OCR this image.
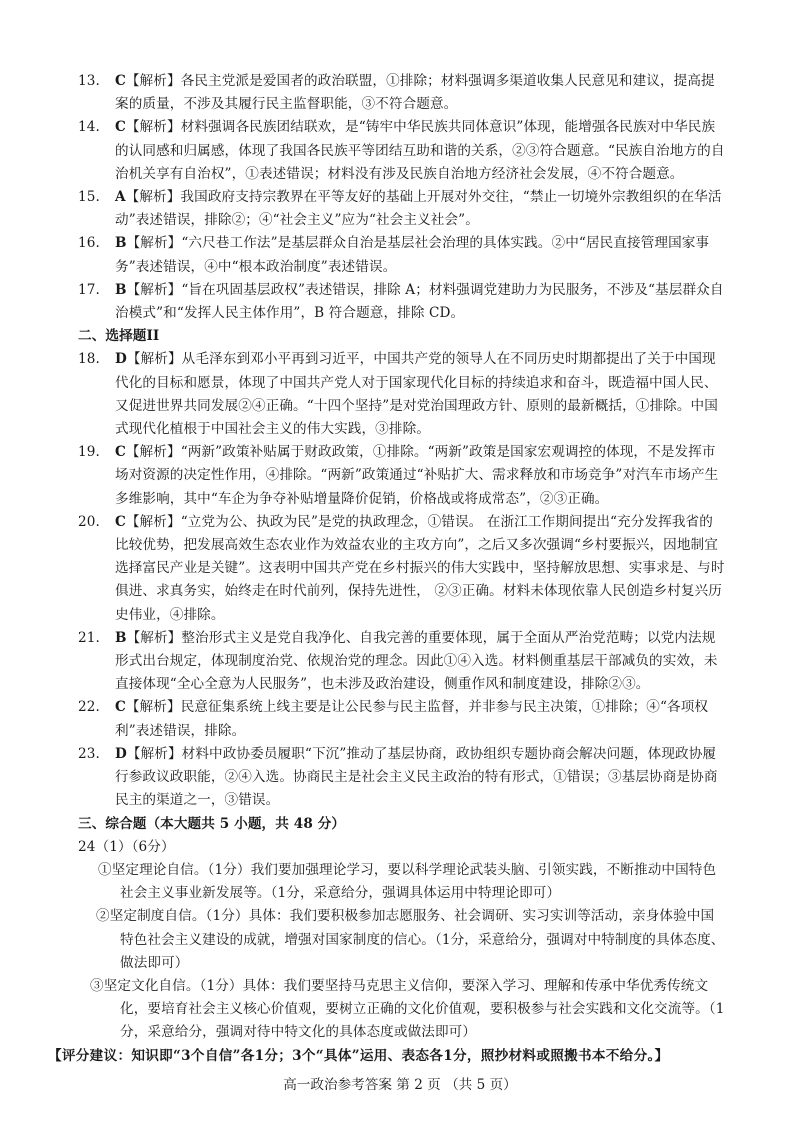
13. C【解析】各民主党派是爱国者的政治联盟，①排除；材料强调多渠道收集人民意见和建议，提高提案的质量，不涉及其履行民主监督职能，③不符合题意。

14. C【解析】材料强调各民族团结联欢，是“铸牢中华民族共同体意识”体现，能增强各民族对中华民族的认同感和归属感，体现了我国各民族平等团结互助和谐的关系，②③符合题意。“民族自治地方的自治机关享有自治权”，①表述错误；材料没有涉及民族自治地方经济社会发展，④不符合题意。

15. A【解析】我国政府支持宗教界在平等友好的基础上开展对外交往，“禁止一切境外宗教组织的在华活动”表述错误，排除②；④“社会主义”应为“社会主义社会”。

16. B【解析】“六尺巷工作法”是基层群众自治是基层社会治理的具体实践。②中“居民直接管理国家事务”表述错误，④中“根本政治制度”表述错误。

17. B【解析】“旨在巩固基层政权”表述错误，排除 A；材料强调党建助力为民服务，不涉及“基层群众自治模式”和“发挥人民主体作用”，B 符合题意，排除 CD。

二、选择题II

18. D【解析】从毛泽东到邓小平再到习近平，中国共产党的领导人在不同历史时期都提出了关于中国现代化的目标和愿景，体现了中国共产党人对于国家现代化目标的持续追求和奋斗，既造福中国人民、又促进世界共同发展②④正确。“十四个坚持”是对党治国理政方针、原则的最新概括，①排除。中国式现代化植根于中国社会主义的伟大实践，③排除。

19. C【解析】“两新”政策补贴属于财政政策，①排除。“两新”政策是国家宏观调控的体现，不是发挥市场对资源的决定性作用，④排除。“两新”政策通过“补贴扩大、需求释放和市场竞争”对汽车市场产生多维影响，其中“车企为争夺补贴增量降价促销，价格战或将成常态”，②③正确。

20. C【解析】“立党为公、执政为民”是党的执政理念，①错误。 在浙江工作期间提出“充分发挥我省的比较优势，把发展高效生态农业作为效益农业的主攻方向”，之后又多次强调“乡村要振兴，因地制宜选择富民产业是关键”。这表明中国共产党在乡村振兴的伟大实践中，坚持解放思想、实事求是、与时俱进、求真务实，始终走在时代前列，保持先进性， ②③正确。材料未体现依靠人民创造乡村复兴历史伟业，④排除。

21. B【解析】整治形式主义是党自我净化、自我完善的重要体现，属于全面从严治党范畴；以党内法规形式出台规定，体现制度治党、依规治党的理念。因此①④入选。材料侧重基层干部减负的实效，未直接体现“全心全意为人民服务”，也未涉及政治建设，侧重作风和制度建设，排除②③。

22. C【解析】民意征集系统上线主要是让公民参与民主监督，并非参与民主决策，①排除；④“各项权利”表述错误，排除。

23. D【解析】材料中政协委员履职“下沉”推动了基层协商，政协组织专题协商会解决问题，体现政协履行参政议政职能，②④入选。协商民主是社会主义民主政治的特有形式，①错误；③基层协商是协商民主的渠道之一，③错误。

三、综合题（本大题共 5 小题，共 48 分）

24（1）（6分）

①坚定理论自信。（1分）我们要加强理论学习，要以科学理论武装头脑、引领实践，不断推动中国特色社会主义事业新发展等。（1分，采意给分，强调具体运用中特理论即可）

②坚定制度自信。（1分）具体：我们要积极参加志愿服务、社会调研、实习实训等活动，亲身体验中国特色社会主义建设的成就，增强对国家制度的信心。（1分，采意给分，强调对中特制度的具体态度、做法即可）

③坚定文化自信。（1分）具体：我们要坚持马克思主义信仰，要深入学习、理解和传承中华优秀传统文化，要培育社会主义核心价值观，要树立正确的文化价值观，要积极参与社会实践和文化交流等。（1分，采意给分，强调对待中特文化的具体态度或做法即可）

【评分建议：知识即“3个自信”各1分；3个“具体”运用、表态各1分，照抄材料或照搬书本不给分。】

高一政治参考答案 第 2 页 （共 5 页）
